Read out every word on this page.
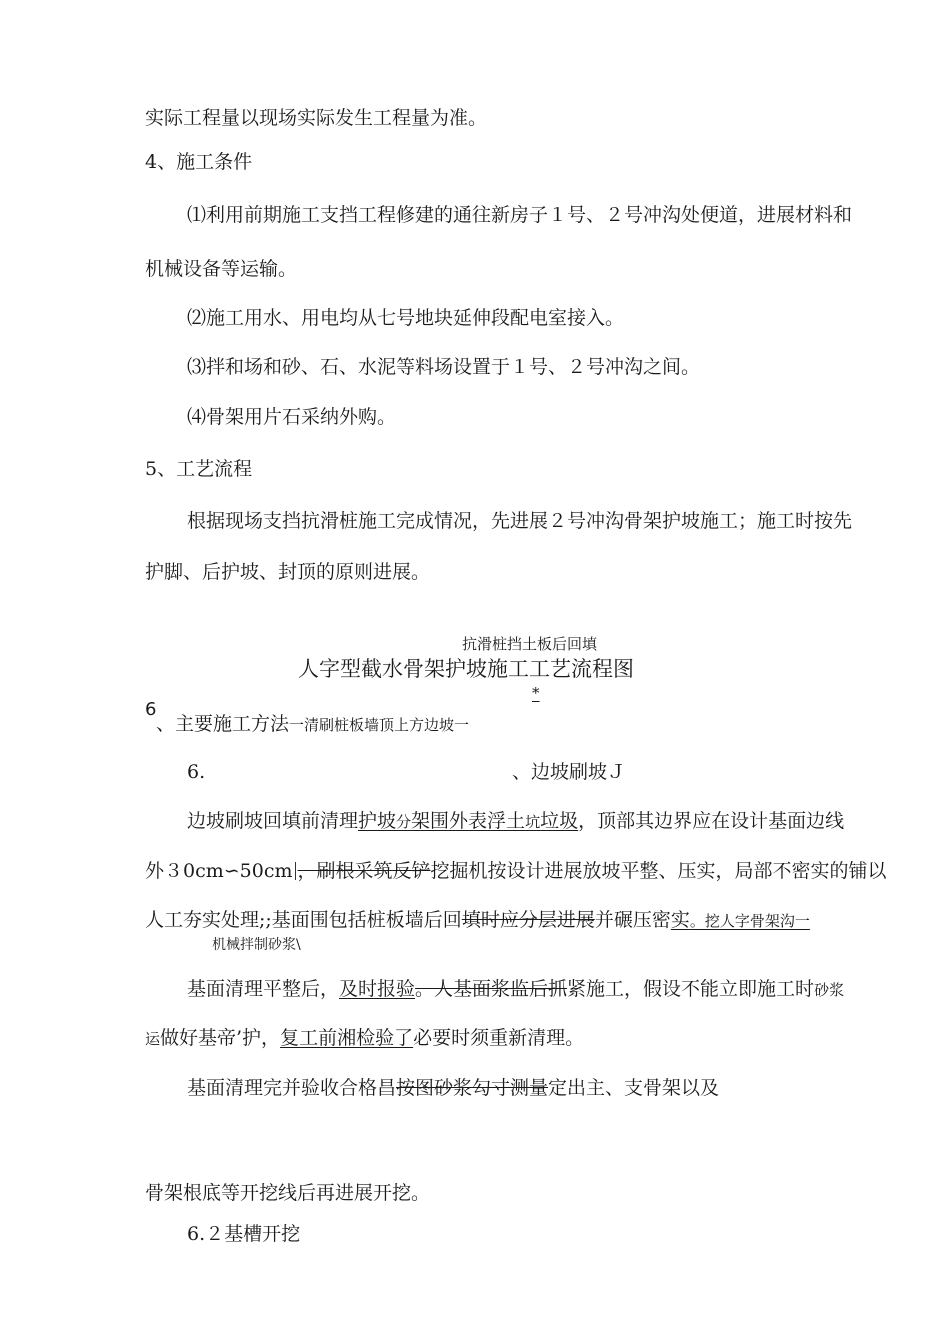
实际工程量以现场实际发生工程量为准。
4、施工条件
⑴利用前期施工支挡工程修建的通往新房子１号、２号冲沟处便道，进展材料和
机械设备等运输。
⑵施工用水、用电均从七号地块延伸段配电室接入。
⑶拌和场和砂、石、水泥等料场设置于１号、２号冲沟之间。
⑷骨架用片石采纳外购。
5、工艺流程
根据现场支挡抗滑桩施工完成情况，先进展２号冲沟骨架护坡施工；施工时按先
护脚、后护坡、封顶的原则进展。
抗滑桩挡土板后回填
人字型截水骨架护坡施工工艺流程图
*
6
、主要施工方法一清刷桩板墙顶上方边坡一
6.	、边坡刷坡Ｊ
边坡刷坡回填前清理护坡分架围外表浮土坑垃圾，顶部其边界应在设计基面边线
外３0cm∽50cm ，刷根采筑反铲挖掘机按设计进展放坡平整、压实，局部不密实的铺以
人工夯实处理;;基面围包括桩板墙后回填时应分层进展并碾压密实。挖人字骨架沟一
机械拌制砂浆\
基面清理平整后，及时报验。人基面浆监后抓紧施工，假设不能立即施工时砂浆
运做好基帝’护，复工前湘检验了必要时须重新清理。
基面清理完并验收合格昌按图砂浆勾寸测量定出主、支骨架以及
骨架根底等开挖线后再进展开挖。
6.２基槽开挖
